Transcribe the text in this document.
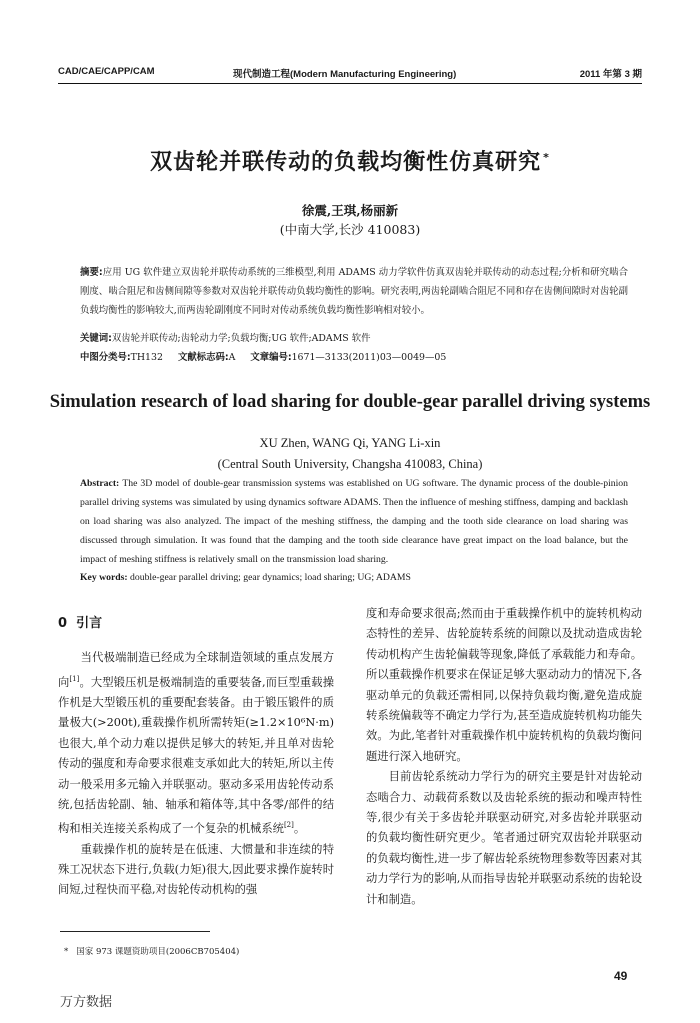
CAD/CAE/CAPP/CAM	现代制造工程(Modern Manufacturing Engineering)	2011 年第 3 期
双齿轮并联传动的负载均衡性仿真研究 *
徐震,王琪,杨丽新
(中南大学,长沙 410083)
摘要:应用 UG 软件建立双齿轮并联传动系统的三维模型,利用 ADAMS 动力学软件仿真双齿轮并联传动的动态过程;分析和研究啮合刚度、啮合阻尼和齿侧间隙等参数对双齿轮并联传动负载均衡性的影响。研究表明,两齿轮副啮合阻尼不同和存在齿侧间隙时对齿轮副负载均衡性的影响较大,而两齿轮副刚度不同时对传动系统负载均衡性影响相对较小。
关键词:双齿轮并联传动;齿轮动力学;负载均衡;UG 软件;ADAMS 软件
中图分类号:TH132 文献标志码:A 文章编号:1671—3133(2011)03—0049—05
Simulation research of load sharing for double-gear parallel driving systems
XU Zhen, WANG Qi, YANG Li-xin
(Central South University, Changsha 410083, China)
Abstract: The 3D model of double-gear transmission systems was established on UG software. The dynamic process of the double-pinion parallel driving systems was simulated by using dynamics software ADAMS. Then the influence of meshing stiffness, damping and backlash on load sharing was also analyzed. The impact of the meshing stiffness, the damping and the tooth side clearance on load sharing was discussed through simulation. It was found that the damping and the tooth side clearance have great impact on the load balance, but the impact of meshing stiffness is relatively small on the transmission load sharing.
Key words: double-gear parallel driving; gear dynamics; load sharing; UG; ADAMS
0 引言

当代极端制造已经成为全球制造领域的重点发展方向[1]。大型锻压机是极端制造的重要装备,而巨型重载操作机是大型锻压机的重要配套装备。由于锻压锻件的质量极大(>200t),重载操作机所需转矩(≥1.2×10⁶N·m)也很大,单个动力难以提供足够大的转矩,并且单对齿轮传动的强度和寿命要求很难支承如此大的转矩,所以主传动一般采用多元输入并联驱动。驱动多采用齿轮传动系统,包括齿轮副、轴、轴承和箱体等,其中各零/部件的结构和相关连接关系构成了一个复杂的机械系统[2]。

重载操作机的旋转是在低速、大惯量和非连续的特殊工况状态下进行,负载(力矩)很大,因此要求操作旋转时间短,过程快而平稳,对齿轮传动机构的强

度和寿命要求很高;然而由于重载操作机中的旋转机构动态特性的差异、齿轮旋转系统的间隙以及扰动造成齿轮传动机构产生齿轮偏载等现象,降低了承载能力和寿命。所以重载操作机要求在保证足够大驱动动力的情况下,各驱动单元的负载还需相同,以保持负载均衡,避免造成旋转系统偏载等不确定力学行为,甚至造成旋转机构功能失效。为此,笔者针对重载操作机中旋转机构的负载均衡问题进行深入地研究。

目前齿轮系统动力学行为的研究主要是针对齿轮动态啮合力、动载荷系数以及齿轮系统的振动和噪声特性等,很少有关于多齿轮并联驱动研究,对多齿轮并联驱动的负载均衡性研究更少。笔者通过研究双齿轮并联驱动的负载均衡性,进一步了解齿轮系统物理参数等因素对其动力学行为的影响,从而指导齿轮并联驱动系统的齿轮设计和制造。

* 国家 973 课题资助项目(2006CB705404)
49
万方数据
